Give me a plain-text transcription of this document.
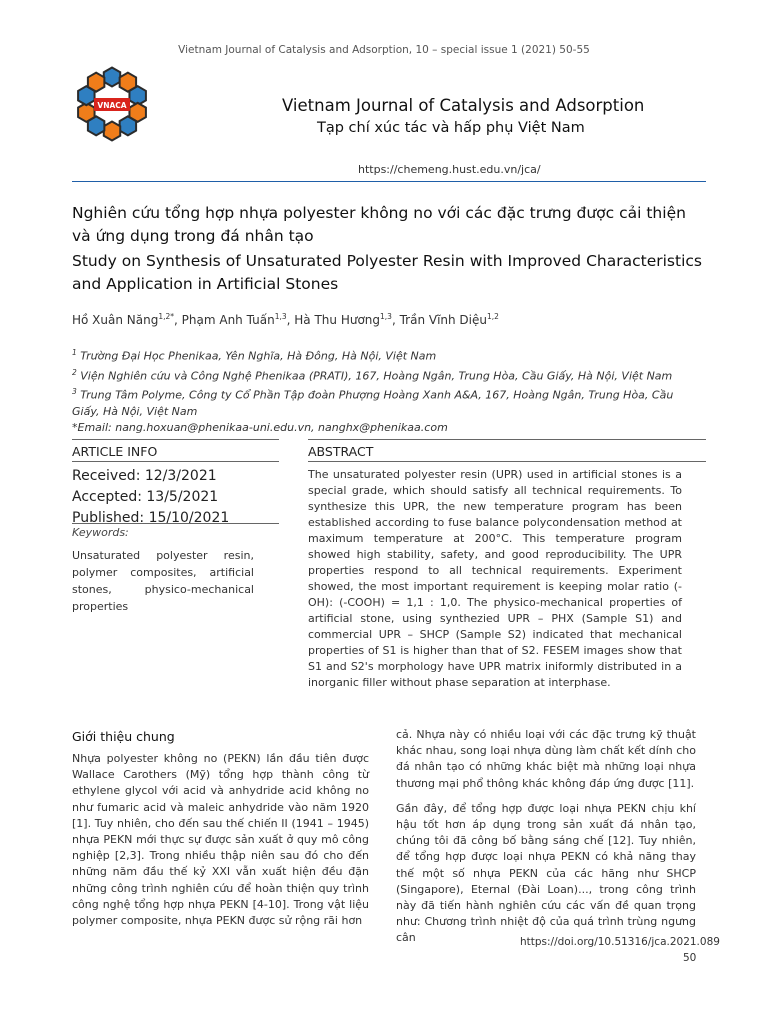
Vietnam Journal of Catalysis and Adsorption, 10 – special issue 1 (2021) 50-55
VNACA	Vietnam Journal of Catalysis and Adsorption
Tạp chí xúc tác và hấp phụ Việt Nam
https://chemeng.hust.edu.vn/jca/
Nghiên cứu tổng hợp nhựa polyester không no với các đặc trưng được cải thiện và ứng dụng trong đá nhân tạo
Study on Synthesis of Unsaturated Polyester Resin with Improved Characteristics and Application in Artificial Stones
Hồ Xuân Năng$^{1,2*}$, Phạm Anh Tuấn$^{1,3}$, Hà Thu Hương$^{1,3}$, Trần Vĩnh Diệu$^{1,2}$
$^1$ Trường Đại Học Phenikaa, Yên Nghĩa, Hà Đông, Hà Nội, Việt Nam
$^2$ Viện Nghiên cứu và Công Nghệ Phenikaa (PRATI), 167, Hoàng Ngân, Trung Hòa, Cầu Giấy, Hà Nội, Việt Nam
$^3$ Trung Tâm Polyme, Công ty Cổ Phần Tập đoàn Phượng Hoàng Xanh A&A, 167, Hoàng Ngân, Trung Hòa, Cầu Giấy, Hà Nội, Việt Nam
*Email: nang.hoxuan@phenikaa-uni.edu.vn, nanghx@phenikaa.com
ARTICLE INFO	ABSTRACT
Received: 12/3/2021
Accepted: 13/5/2021
Published: 15/10/2021
Keywords:
Unsaturated polyester resin, polymer composites, artificial stones, physico-mechanical
properties
The unsaturated polyester resin (UPR) used in artificial stones is a special grade, which should satisfy all technical requirements. To synthesize this UPR, the new temperature program has been established according to fuse balance polycondensation method at maximum temperature at 200°C. This temperature program showed high stability, safety, and good reproducibility. The UPR properties respond to all technical requirements. Experiment showed, the most important requirement is keeping molar ratio (-OH): (-COOH) = 1,1 : 1,0. The physico-mechanical properties of artificial stone, using synthezied UPR – PHX (Sample S1) and commercial UPR – SHCP (Sample S2) indicated that mechanical properties of S1 is higher than that of S2. FESEM images show that S1 and S2's morphology have UPR matrix iniformly distributed in a inorganic filler without phase separation at interphase.
Giới thiệu chung

Nhựa polyester không no (PEKN) lần đầu tiên được Wallace Carothers (Mỹ) tổng hợp thành công từ ethylene glycol với acid và anhydride acid không no như fumaric acid và maleic anhydride vào năm 1920 [1]. Tuy nhiên, cho đến sau thế chiến II (1941 – 1945) nhựa PEKN mới thực sự được sản xuất ở quy mô công nghiệp [2,3]. Trong nhiều thập niên sau đó cho đến những năm đầu thế kỷ XXI vẫn xuất hiện đều đặn những công trình nghiên cứu để hoàn thiện quy trình công nghệ tổng hợp nhựa PEKN [4-10]. Trong vật liệu polymer composite, nhựa PEKN được sử rộng rãi hơn

cả. Nhựa này có nhiều loại với các đặc trưng kỹ thuật khác nhau, song loại nhựa dùng làm chất kết dính cho đá nhân tạo có những khác biệt mà những loại nhựa thương mại phổ thông khác không đáp ứng được [11].

Gần đây, để tổng hợp được loại nhựa PEKN chịu khí hậu tốt hơn áp dụng trong sản xuất đá nhân tạo, chúng tôi đã công bố bằng sáng chế [12]. Tuy nhiên, để tổng hợp được loại nhựa PEKN có khả năng thay thế một số nhựa PEKN của các hãng như SHCP (Singapore), Eternal (Đài Loan)..., trong công trình này đã tiến hành nghiên cứu các vấn đề quan trọng như: Chương trình nhiệt độ của quá trình trùng ngưng cân	https://doi.org/10.51316/jca.2021.089
50
